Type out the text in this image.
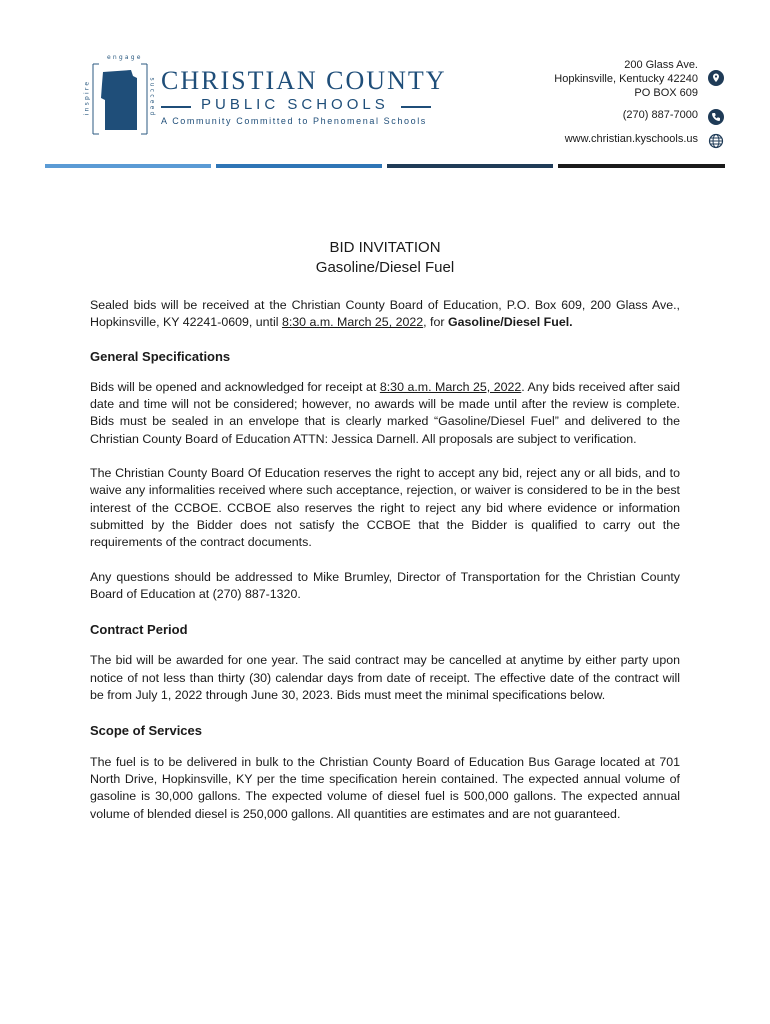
engage
inspire	succeed CHRISTIAN COUNTY
PUBLIC SCHOOLS
A Community Committed to Phenomenal Schools
200 Glass Ave.
Hopkinsville, Kentucky 42240
PO BOX 609
(270) 887-7000
www.christian.kyschools.us
BID INVITATION
Gasoline/Diesel Fuel

Sealed bids will be received at the Christian County Board of Education, P.O. Box 609, 200 Glass Ave., Hopkinsville, KY 42241-0609, until 8:30 a.m. March 25, 2022, for Gasoline/Diesel Fuel.

General Specifications

Bids will be opened and acknowledged for receipt at 8:30 a.m. March 25, 2022. Any bids received after said date and time will not be considered; however, no awards will be made until after the review is complete. Bids must be sealed in an envelope that is clearly marked “Gasoline/Diesel Fuel” and delivered to the Christian County Board of Education ATTN: Jessica Darnell. All proposals are subject to verification.

The Christian County Board Of Education reserves the right to accept any bid, reject any or all bids, and to waive any informalities received where such acceptance, rejection, or waiver is considered to be in the best interest of the CCBOE. CCBOE also reserves the right to reject any bid where evidence or information submitted by the Bidder does not satisfy the CCBOE that the Bidder is qualified to carry out the requirements of the contract documents.

Any questions should be addressed to Mike Brumley, Director of Transportation for the Christian County Board of Education at (270) 887-1320.

Contract Period

The bid will be awarded for one year. The said contract may be cancelled at anytime by either party upon notice of not less than thirty (30) calendar days from date of receipt. The effective date of the contract will be from July 1, 2022 through June 30, 2023. Bids must meet the minimal specifications below.

Scope of Services

The fuel is to be delivered in bulk to the Christian County Board of Education Bus Garage located at 701 North Drive, Hopkinsville, KY per the time specification herein contained. The expected annual volume of gasoline is 30,000 gallons. The expected volume of diesel fuel is 500,000 gallons. The expected annual volume of blended diesel is 250,000 gallons. All quantities are estimates and are not guaranteed.
